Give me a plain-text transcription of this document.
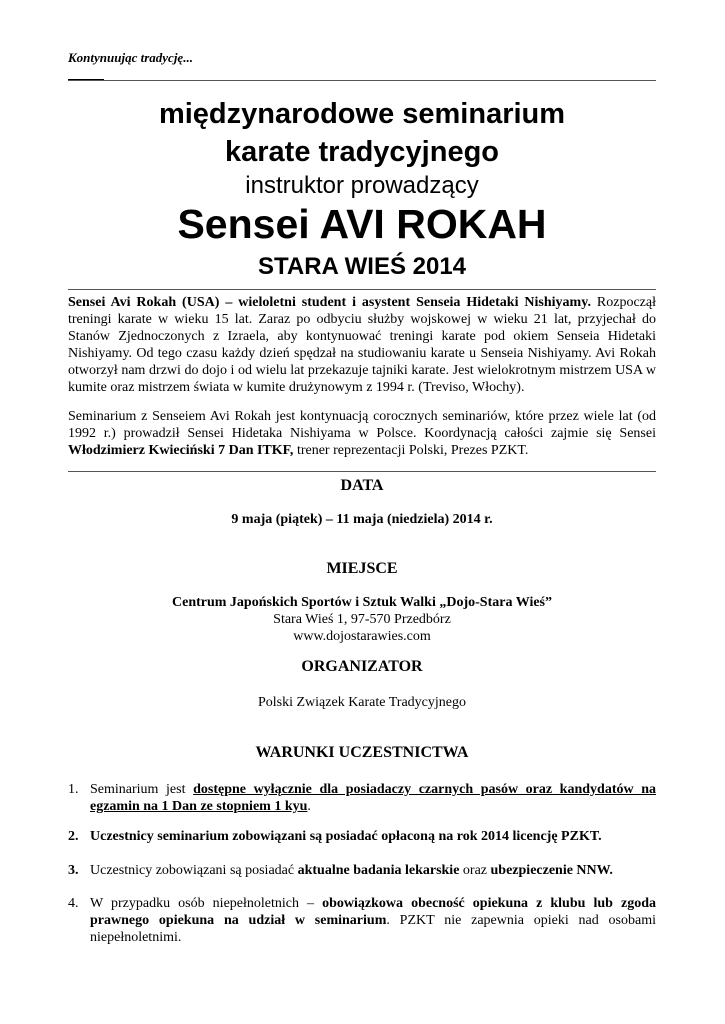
Kontynuując tradycję...
międzynarodowe seminarium
karate tradycyjnego
instruktor prowadzący
Sensei AVI ROKAH
STARA WIEŚ 2014
Sensei Avi Rokah (USA) – wieloletni student i asystent Senseia Hidetaki Nishiyamy. Rozpoczął treningi karate w wieku 15 lat. Zaraz po odbyciu służby wojskowej w wieku 21 lat, przyjechał do Stanów Zjednoczonych z Izraela, aby kontynuować treningi karate pod okiem Senseia Hidetaki Nishiyamy. Od tego czasu każdy dzień spędzał na studiowaniu karate u Senseia Nishiyamy. Avi Rokah otworzył nam drzwi do dojo i od wielu lat przekazuje tajniki karate. Jest wielokrotnym mistrzem USA w kumite oraz mistrzem świata w kumite drużynowym z 1994 r. (Treviso, Włochy).
Seminarium z Senseiem Avi Rokah jest kontynuacją corocznych seminariów, które przez wiele lat (od 1992 r.) prowadził Sensei Hidetaka Nishiyama w Polsce. Koordynacją całości zajmie się Sensei Włodzimierz Kwieciński 7 Dan ITKF, trener reprezentacji Polski, Prezes PZKT.
DATA
9 maja (piątek) – 11 maja (niedziela) 2014 r.
MIEJSCE
Centrum Japońskich Sportów i Sztuk Walki „Dojo-Stara Wieś”
Stara Wieś 1, 97-570 Przedbórz
www.dojostarawies.com
ORGANIZATOR
Polski Związek Karate Tradycyjnego
WARUNKI UCZESTNICTWA
1. Seminarium jest dostępne wyłącznie dla posiadaczy czarnych pasów oraz kandydatów na egzamin na 1 Dan ze stopniem 1 kyu.
2. Uczestnicy seminarium zobowiązani są posiadać opłaconą na rok 2014 licencję PZKT.
3. Uczestnicy zobowiązani są posiadać aktualne badania lekarskie oraz ubezpieczenie NNW.
4. W przypadku osób niepełnoletnich – obowiązkowa obecność opiekuna z klubu lub zgoda prawnego opiekuna na udział w seminarium. PZKT nie zapewnia opieki nad osobami niepełnoletnimi.
